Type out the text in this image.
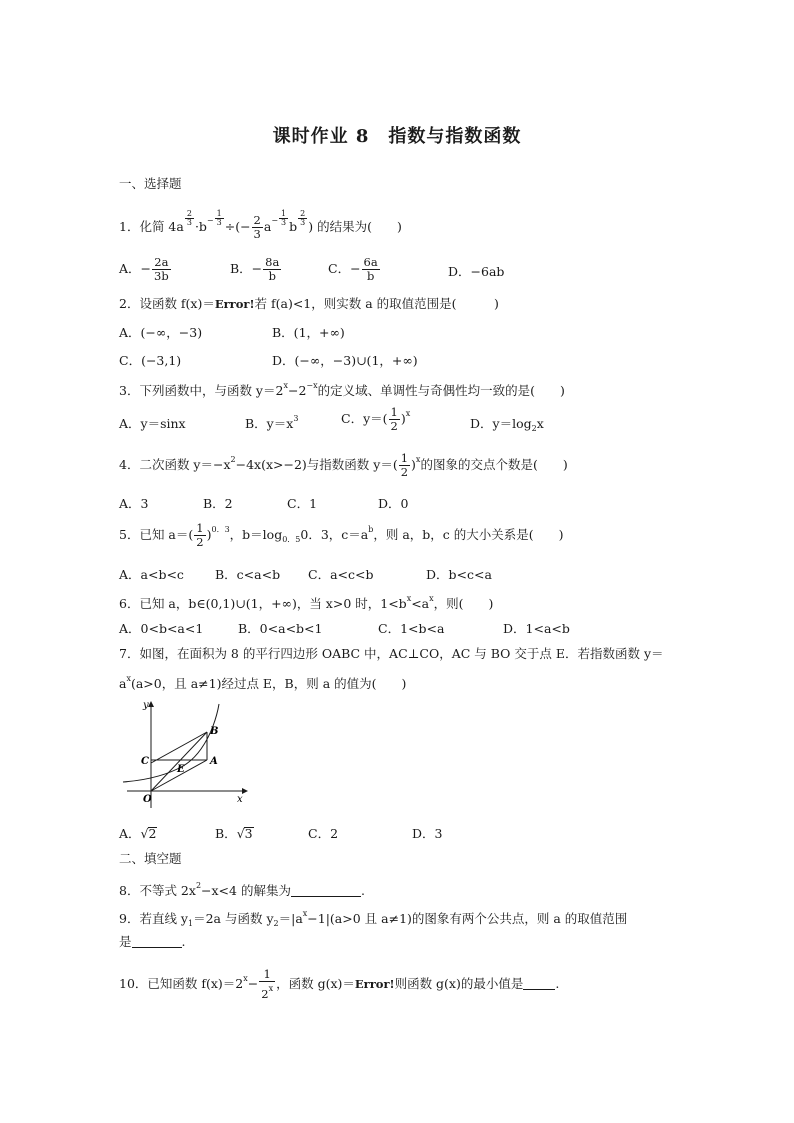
课时作业 8　指数与指数函数
一、选择题
1．化简 $4a \frac{2}{3} \cdot b^- \frac{1}{3}$ ÷(− $\frac{2}{3} a^- \frac{1}{3}$ b $\frac{2}{3}$ ) 的结果为(　　)
A．− $\frac{2a}{3b}$	B．− $\frac{8a}{b}$	C．− $\frac{6a}{b}$	D．−6ab
2．设函数 f(x)＝Error!若 f(a)<1，则实数 a 的取值范围是(　　　)
A．(−∞，−3)	B．(1，+∞)
C．(−3,1)	D．(−∞，−3)∪(1，+∞)
3．下列函数中，与函数 $y=2^x-2^{-x}$的定义域、单调性与奇偶性均一致的是(　　)
A．y＝sinx	B．$y=x^3$	C．$y=( \frac{1}{2} )^x$
D．$y=\log_2x$
4．二次函数 $y=-x^2-4x(x>-2)$与指数函数 $y=( \frac{1}{2} )^x$的图象的交点个数是(　　)
A．3	B．2	C．1	D．0
5．已知 $a=( \frac{1}{2} )^{0.3}$，$b=\log_{0.5}0$．3，$c=a^b$，则 a，b，c 的大小关系是(　　)
A．a<b<c B．c<a<b C．a<c<b	D．b<c<a
6．已知 a，b∈(0,1)∪(1，+∞)，当 x>0 时，$1<b^x<a^x$，则(　　)
A．0<b<a<1	B．0<a<b<1	C．1<b<a	D．1<a<b
7．如图，在面积为 8 的平行四边形 OABC 中，AC⊥CO，AC 与 BO 交于点 E．若指数函数 y＝
$a^x(a>0$，且 a≠1)经过点 E，B，则 a 的值为(　　)
y
x
O
A
B
C
E
A．√2	B．√3	C．2	D．3
二、填空题
8．不等式 $2x^2-x<4$ 的解集为	.
9．若直线 $y_1=2a$ 与函数 $y_2=|a^x-1|(a>0$ 且 a≠1)的图象有两个公共点，则 a 的取值范围
是	.
10．已知函数 $f(x)=2^x- \frac{1}{2^x}$ ，函数 g(x)＝Error!则函数 g(x)的最小值是	.
